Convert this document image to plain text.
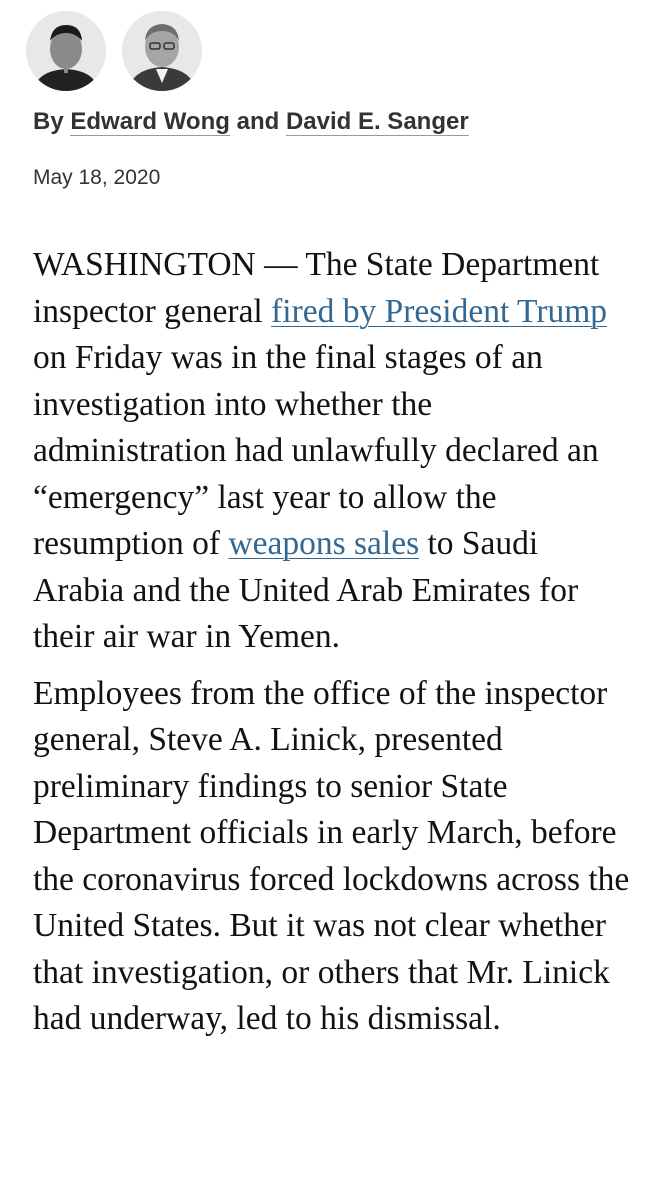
By Edward Wong and David E. Sanger
May 18, 2020

WASHINGTON — The State Department inspector general fired by President Trump on Friday was in the final stages of an investigation into whether the administration had unlawfully declared an “emergency” last year to allow the resumption of weapons sales to Saudi Arabia and the United Arab Emirates for their air war in Yemen.

Employees from the office of the inspector general, Steve A. Linick, presented preliminary findings to senior State Department officials in early March, before the coronavirus forced lockdowns across the United States. But it was not clear whether that investigation, or others that Mr. Linick had underway, led to his dismissal.
